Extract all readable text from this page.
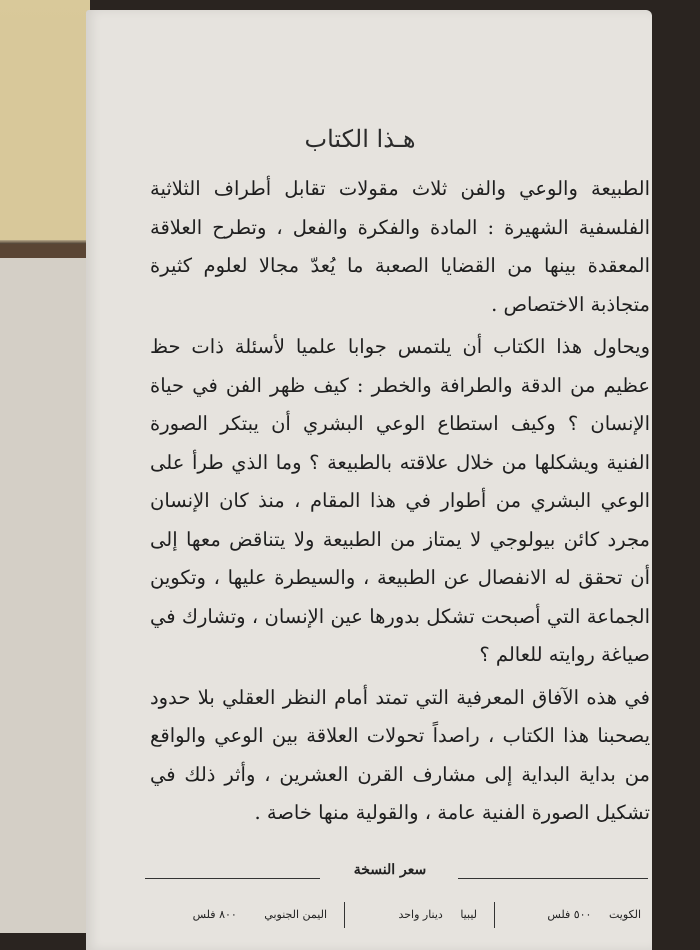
هـذا الكتاب

الطبيعة والوعي والفن ثلاث مقولات تقابل أطراف الثلاثية الفلسفية الشهيرة : المادة والفكرة والفعل ، وتطرح العلاقة المعقدة بينها من القضايا الصعبة ما يُعدّ مجالا لعلوم كثيرة متجاذبة الاختصاص .

ويحاول هذا الكتاب أن يلتمس جوابا علميا لأسئلة ذات حظ عظيم من الدقة والطرافة والخطر : كيف ظهر الفن في حياة الإنسان ؟ وكيف استطاع الوعي البشري أن يبتكر الصورة الفنية ويشكلها من خلال علاقته بالطبيعة ؟ وما الذي طرأ على الوعي البشري من أطوار في هذا المقام ، منذ كان الإنسان مجرد كائن بيولوجي لا يمتاز من الطبيعة ولا يتناقض معها إلى أن تحقق له الانفصال عن الطبيعة ، والسيطرة عليها ، وتكوين الجماعة التي أصبحت تشكل بدورها عين الإنسان ، وتشارك في صياغة روايته للعالم ؟

في هذه الآفاق المعرفية التي تمتد أمام النظر العقلي بلا حدود يصحبنا هذا الكتاب ، راصداً تحولات العلاقة بين الوعي والواقع من بداية البداية إلى مشارف القرن العشرين ، وأثر ذلك في تشكيل الصورة الفنية عامة ، والقولية منها خاصة .

سعر النسخة
الكويت ٥٠٠ فلس
ليبيا دينار واحد
اليمن الجنوبي ٨٠٠ فلس
